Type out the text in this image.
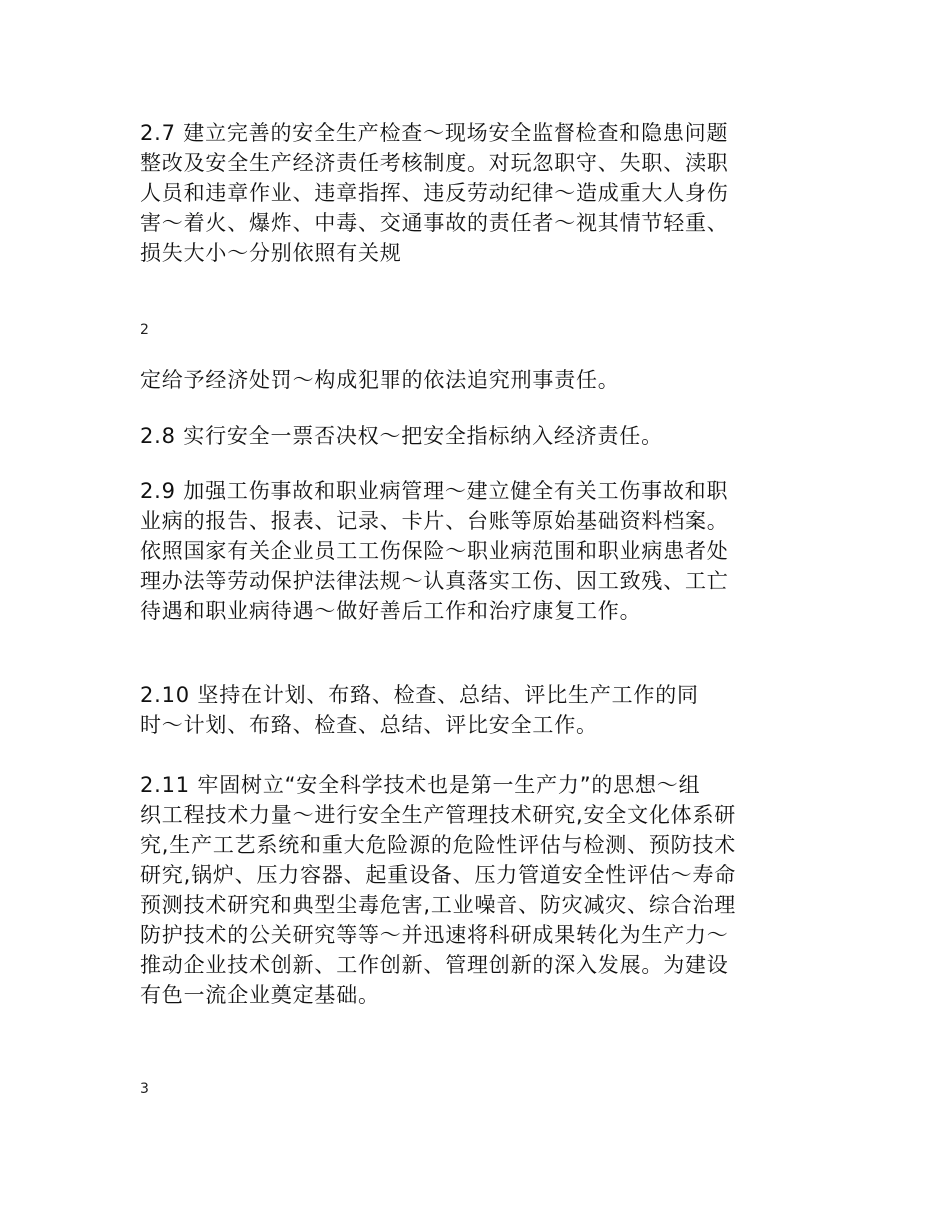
2.7 建立完善的安全生产检查～现场安全监督检查和隐患问题
整改及安全生产经济责任考核制度。对玩忽职守、失职、渎职
人员和违章作业、违章指挥、违反劳动纪律～造成重大人身伤
害～着火、爆炸、中毒、交通事故的责任者～视其情节轻重、
损失大小～分别依照有关规

2

定给予经济处罚～构成犯罪的依法追究刑事责任。

2.8 实行安全一票否决权～把安全指标纳入经济责任。

2.9 加强工伤事故和职业病管理～建立健全有关工伤事故和职
业病的报告、报表、记录、卡片、台账等原始基础资料档案。
依照国家有关企业员工工伤保险～职业病范围和职业病患者处
理办法等劳动保护法律法规～认真落实工伤、因工致残、工亡
待遇和职业病待遇～做好善后工作和治疗康复工作。

2.10 坚持在计划、布臵、检查、总结、评比生产工作的同
时～计划、布臵、检查、总结、评比安全工作。

2.11 牢固树立“安全科学技术也是第一生产力”的思想～组
织工程技术力量～进行安全生产管理技术研究,安全文化体系研
究,生产工艺系统和重大危险源的危险性评估与检测、预防技术
研究,锅炉、压力容器、起重设备、压力管道安全性评估～寿命
预测技术研究和典型尘毒危害,工业噪音、防灾减灾、综合治理
防护技术的公关研究等等～并迅速将科研成果转化为生产力～
推动企业技术创新、工作创新、管理创新的深入发展。为建设
有色一流企业奠定基础。

3
